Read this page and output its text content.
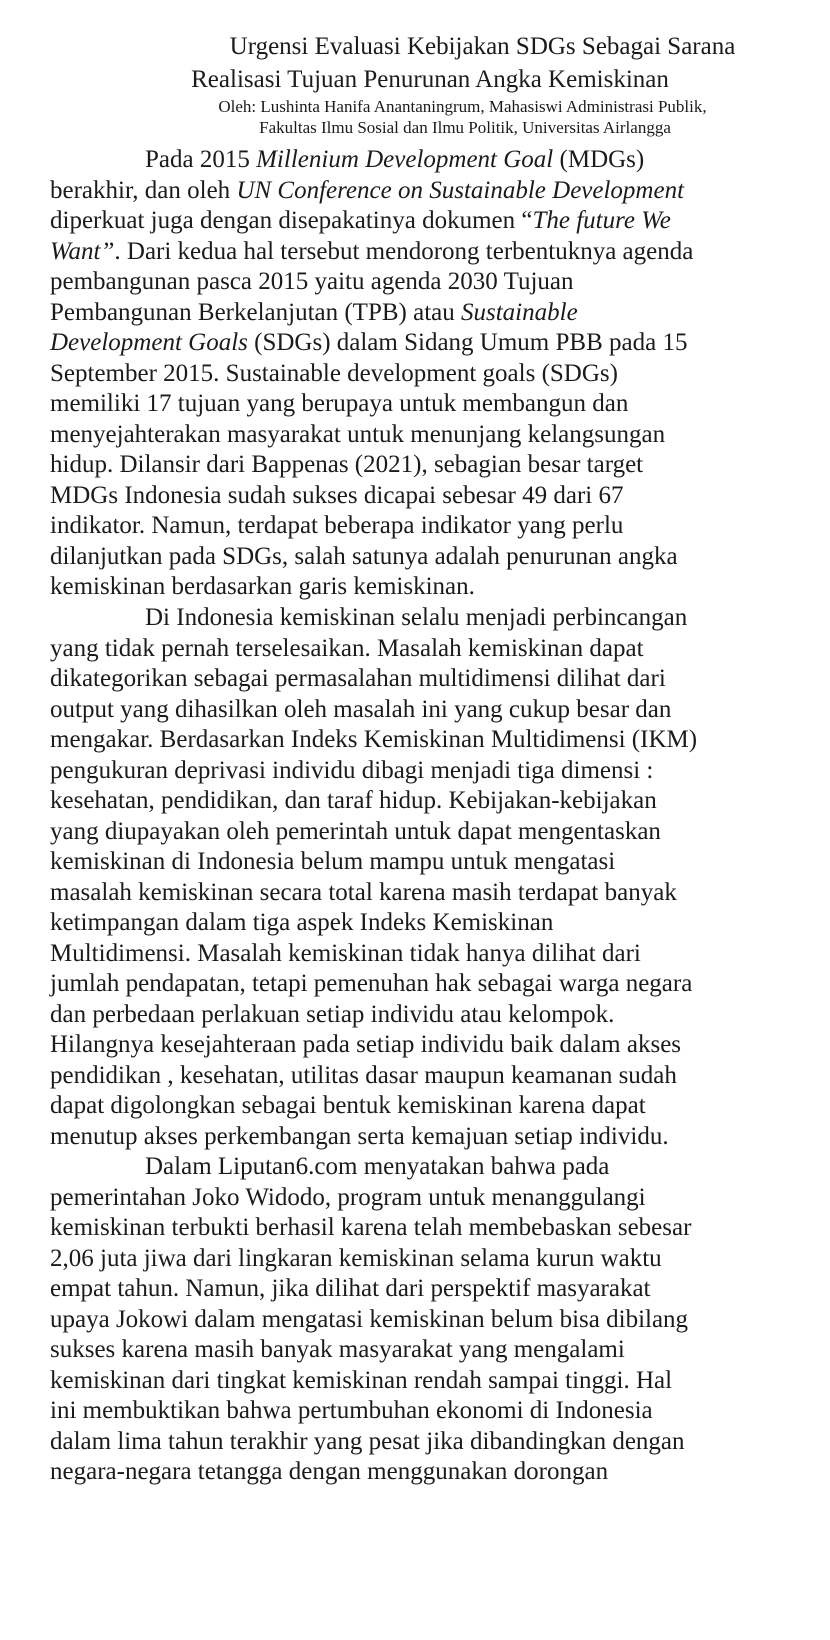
Urgensi Evaluasi Kebijakan SDGs Sebagai Sarana
Realisasi Tujuan Penurunan Angka Kemiskinan
Oleh: Lushinta Hanifa Anantaningrum, Mahasiswi Administrasi Publik,
Fakultas Ilmu Sosial dan Ilmu Politik, Universitas Airlangga
Pada 2015 Millenium Development Goal (MDGs)
berakhir, dan oleh UN Conference on Sustainable Development
diperkuat juga dengan disepakatinya dokumen “The future We
Want”. Dari kedua hal tersebut mendorong terbentuknya agenda
pembangunan pasca 2015 yaitu agenda 2030 Tujuan
Pembangunan Berkelanjutan (TPB) atau Sustainable
Development Goals (SDGs) dalam Sidang Umum PBB pada 15
September 2015. Sustainable development goals (SDGs)
memiliki 17 tujuan yang berupaya untuk membangun dan
menyejahterakan masyarakat untuk menunjang kelangsungan
hidup. Dilansir dari Bappenas (2021), sebagian besar target
MDGs Indonesia sudah sukses dicapai sebesar 49 dari 67
indikator. Namun, terdapat beberapa indikator yang perlu
dilanjutkan pada SDGs, salah satunya adalah penurunan angka
kemiskinan berdasarkan garis kemiskinan.
Di Indonesia kemiskinan selalu menjadi perbincangan
yang tidak pernah terselesaikan. Masalah kemiskinan dapat
dikategorikan sebagai permasalahan multidimensi dilihat dari
output yang dihasilkan oleh masalah ini yang cukup besar dan
mengakar. Berdasarkan Indeks Kemiskinan Multidimensi (IKM)
pengukuran deprivasi individu dibagi menjadi tiga dimensi :
kesehatan, pendidikan, dan taraf hidup. Kebijakan-kebijakan
yang diupayakan oleh pemerintah untuk dapat mengentaskan
kemiskinan di Indonesia belum mampu untuk mengatasi
masalah kemiskinan secara total karena masih terdapat banyak
ketimpangan dalam tiga aspek Indeks Kemiskinan
Multidimensi. Masalah kemiskinan tidak hanya dilihat dari
jumlah pendapatan, tetapi pemenuhan hak sebagai warga negara
dan perbedaan perlakuan setiap individu atau kelompok.
Hilangnya kesejahteraan pada setiap individu baik dalam akses
pendidikan , kesehatan, utilitas dasar maupun keamanan sudah
dapat digolongkan sebagai bentuk kemiskinan karena dapat
menutup akses perkembangan serta kemajuan setiap individu.
Dalam Liputan6.com menyatakan bahwa pada
pemerintahan Joko Widodo, program untuk menanggulangi
kemiskinan terbukti berhasil karena telah membebaskan sebesar
2,06 juta jiwa dari lingkaran kemiskinan selama kurun waktu
empat tahun. Namun, jika dilihat dari perspektif masyarakat
upaya Jokowi dalam mengatasi kemiskinan belum bisa dibilang
sukses karena masih banyak masyarakat yang mengalami
kemiskinan dari tingkat kemiskinan rendah sampai tinggi. Hal
ini membuktikan bahwa pertumbuhan ekonomi di Indonesia
dalam lima tahun terakhir yang pesat jika dibandingkan dengan
negara-negara tetangga dengan menggunakan dorongan
